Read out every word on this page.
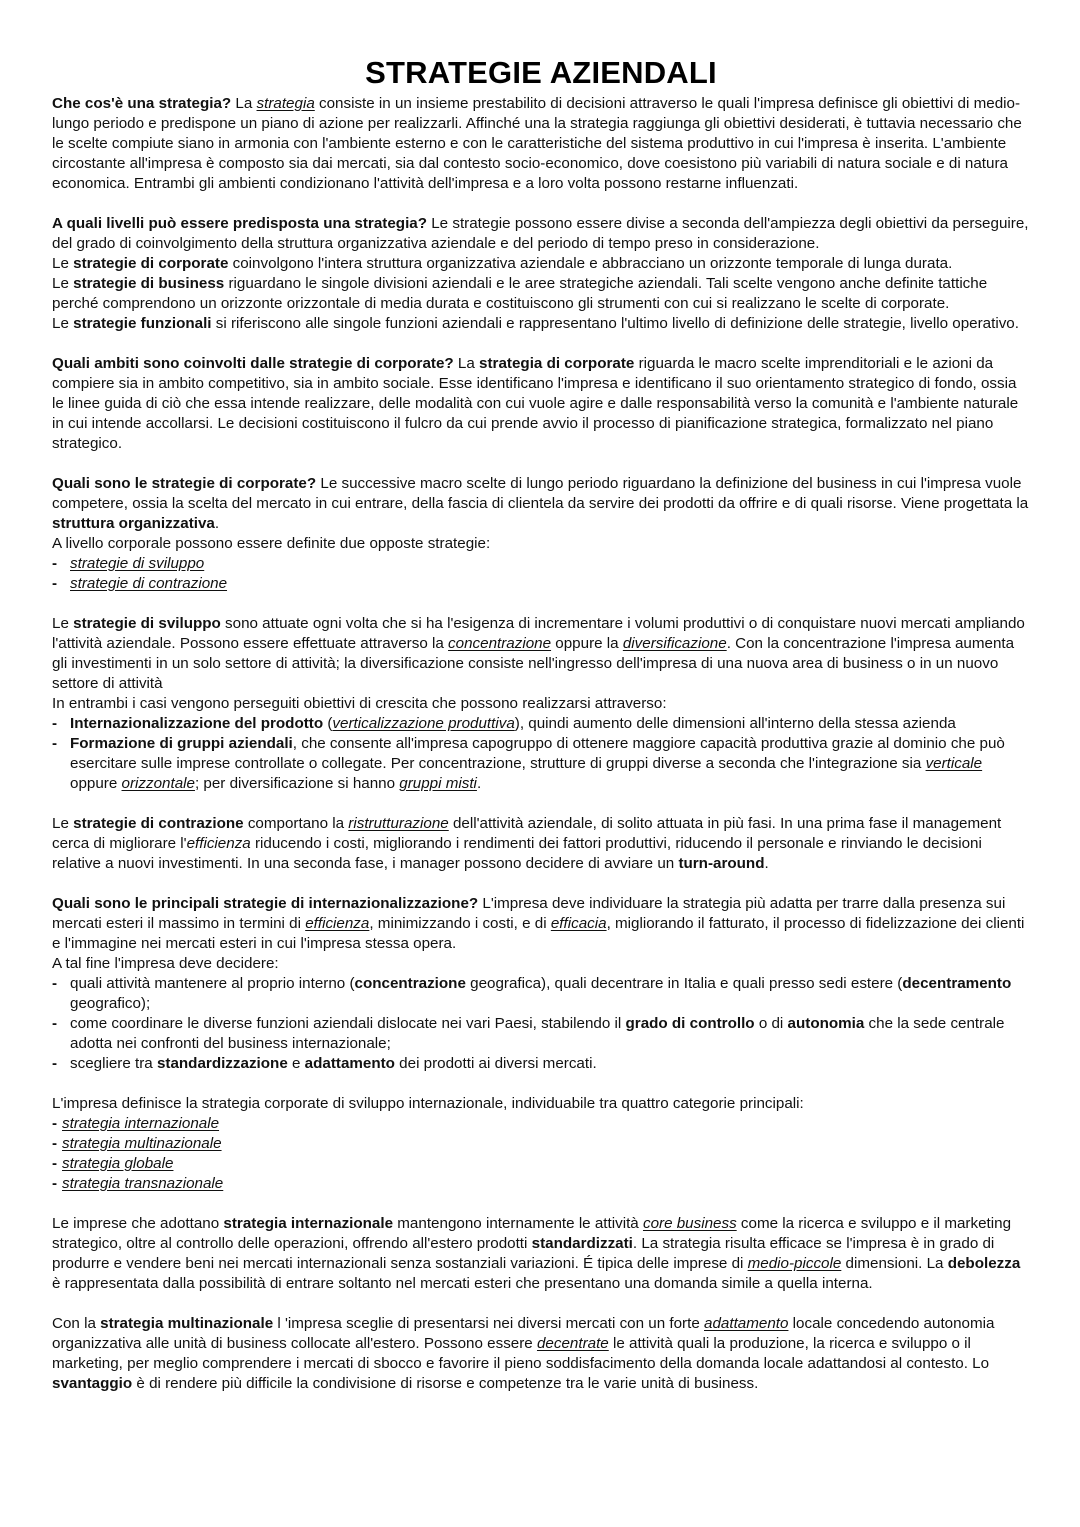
STRATEGIE AZIENDALI

Che cos'è una strategia? La strategia consiste in un insieme prestabilito di decisioni attraverso le quali l'impresa definisce gli obiettivi di medio-lungo periodo e predispone un piano di azione per realizzarli. Affinché una la strategia raggiunga gli obiettivi desiderati, è tuttavia necessario che le scelte compiute siano in armonia con l'ambiente esterno e con le caratteristiche del sistema produttivo in cui l'impresa è inserita. L'ambiente circostante all'impresa è composto sia dai mercati, sia dal contesto socio-economico, dove coesistono più variabili di natura sociale e di natura economica. Entrambi gli ambienti condizionano l'attività dell'impresa e a loro volta possono restarne influenzati.

A quali livelli può essere predisposta una strategia? Le strategie possono essere divise a seconda dell'ampiezza degli obiettivi da perseguire, del grado di coinvolgimento della struttura organizzativa aziendale e del periodo di tempo preso in considerazione.

Le strategie di corporate coinvolgono l'intera struttura organizzativa aziendale e abbracciano un orizzonte temporale di lunga durata.

Le strategie di business riguardano le singole divisioni aziendali e le aree strategiche aziendali. Tali scelte vengono anche definite tattiche perché comprendono un orizzonte orizzontale di media durata e costituiscono gli strumenti con cui si realizzano le scelte di corporate.

Le strategie funzionali si riferiscono alle singole funzioni aziendali e rappresentano l'ultimo livello di definizione delle strategie, livello operativo.

Quali ambiti sono coinvolti dalle strategie di corporate? La strategia di corporate riguarda le macro scelte imprenditoriali e le azioni da compiere sia in ambito competitivo, sia in ambito sociale. Esse identificano l'impresa e identificano il suo orientamento strategico di fondo, ossia le linee guida di ciò che essa intende realizzare, delle modalità con cui vuole agire e dalle responsabilità verso la comunità e l'ambiente naturale in cui intende accollarsi. Le decisioni costituiscono il fulcro da cui prende avvio il processo di pianificazione strategica, formalizzato nel piano strategico.

Quali sono le strategie di corporate? Le successive macro scelte di lungo periodo riguardano la definizione del business in cui l'impresa vuole competere, ossia la scelta del mercato in cui entrare, della fascia di clientela da servire dei prodotti da offrire e di quali risorse. Viene progettata la struttura organizzativa.

A livello corporale possono essere definite due opposte strategie:

- strategie di sviluppo
- strategie di contrazione

Le strategie di sviluppo sono attuate ogni volta che si ha l'esigenza di incrementare i volumi produttivi o di conquistare nuovi mercati ampliando l'attività aziendale. Possono essere effettuate attraverso la concentrazione oppure la diversificazione. Con la concentrazione l'impresa aumenta gli investimenti in un solo settore di attività; la diversificazione consiste nell'ingresso dell'impresa di una nuova area di business o in un nuovo settore di attività

In entrambi i casi vengono perseguiti obiettivi di crescita che possono realizzarsi attraverso:

- Internazionalizzazione del prodotto (verticalizzazione produttiva), quindi aumento delle dimensioni all'interno della stessa azienda
- Formazione di gruppi aziendali, che consente all'impresa capogruppo di ottenere maggiore capacità produttiva grazie al dominio che può esercitare sulle imprese controllate o collegate. Per concentrazione, strutture di gruppi diverse a seconda che l'integrazione sia verticale oppure orizzontale; per diversificazione si hanno gruppi misti.

Le strategie di contrazione comportano la ristrutturazione dell'attività aziendale, di solito attuata in più fasi. In una prima fase il management cerca di migliorare l'efficienza riducendo i costi, migliorando i rendimenti dei fattori produttivi, riducendo il personale e rinviando le decisioni relative a nuovi investimenti. In una seconda fase, i manager possono decidere di avviare un turn-around.

Quali sono le principali strategie di internazionalizzazione? L'impresa deve individuare la strategia più adatta per trarre dalla presenza sui mercati esteri il massimo in termini di efficienza, minimizzando i costi, e di efficacia, migliorando il fatturato, il processo di fidelizzazione dei clienti e l'immagine nei mercati esteri in cui l'impresa stessa opera.

A tal fine l'impresa deve decidere:

- quali attività mantenere al proprio interno (concentrazione geografica), quali decentrare in Italia e quali presso sedi estere (decentramento geografico);
- come coordinare le diverse funzioni aziendali dislocate nei vari Paesi, stabilendo il grado di controllo o di autonomia che la sede centrale adotta nei confronti del business internazionale;
- scegliere tra standardizzazione e adattamento dei prodotti ai diversi mercati.

L'impresa definisce la strategia corporate di sviluppo internazionale, individuabile tra quattro categorie principali:

- strategia internazionale
- strategia multinazionale
- strategia globale
- strategia transnazionale

Le imprese che adottano strategia internazionale mantengono internamente le attività core business come la ricerca e sviluppo e il marketing strategico, oltre al controllo delle operazioni, offrendo all'estero prodotti standardizzati. La strategia risulta efficace se l'impresa è in grado di produrre e vendere beni nei mercati internazionali senza sostanziali variazioni. É tipica delle imprese di medio-piccole dimensioni. La debolezza è rappresentata dalla possibilità di entrare soltanto nel mercati esteri che presentano una domanda simile a quella interna.

Con la strategia multinazionale l 'impresa sceglie di presentarsi nei diversi mercati con un forte adattamento locale concedendo autonomia organizzativa alle unità di business collocate all'estero. Possono essere decentrate le attività quali la produzione, la ricerca e sviluppo o il marketing, per meglio comprendere i mercati di sbocco e favorire il pieno soddisfacimento della domanda locale adattandosi al contesto. Lo svantaggio è di rendere più difficile la condivisione di risorse e competenze tra le varie unità di business.
